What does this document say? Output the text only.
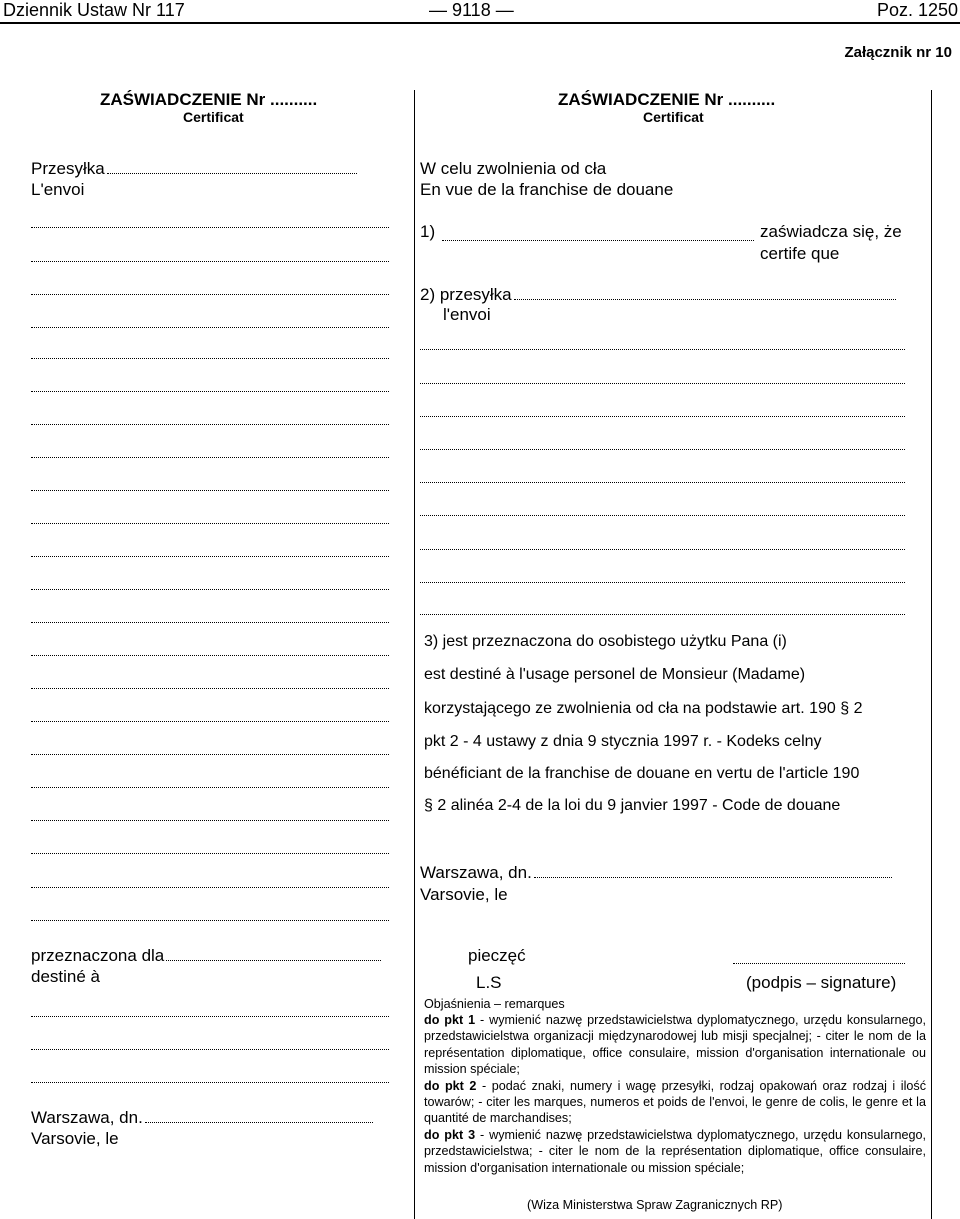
Dziennik Ustaw Nr 117	— 9118 —	Poz. 1250
Załącznik nr 10
ZAŚWIADCZENIE Nr ..........
Certificat
Przesyłka
L'envoi
przeznaczona dla
destiné à
Warszawa, dn.
Varsovie, le
ZAŚWIADCZENIE Nr ..........
Certificat
W celu zwolnienia od cła
En vue de la franchise de douane
1)	zaświadcza się, że
certife que
2) przesyłka
l'envoi
3) jest przeznaczona do osobistego użytku Pana (i)
est destiné à l'usage personel de Monsieur (Madame)
korzystającego ze zwolnienia od cła na podstawie art. 190 § 2
pkt 2 - 4 ustawy z dnia 9 stycznia 1997 r. - Kodeks celny
bénéficiant de la franchise de douane en vertu de l'article 190
§ 2 alinéa 2-4 de la loi du 9 janvier 1997 - Code de douane
Warszawa, dn.
Varsovie, le
pieczęć
L.S	(podpis – signature)
Objaśnienia – remarques
do pkt 1 - wymienić nazwę przedstawicielstwa dyplomatycznego, urzędu konsularnego, przedstawicielstwa organizacji międzynarodowej lub misji specjalnej; - citer le nom de la représentation diplomatique, office consulaire, mission d'organisation internationale ou mission spéciale;
do pkt 2 - podać znaki, numery i wagę przesyłki, rodzaj opakowań oraz rodzaj i ilość towarów; - citer les marques, numeros et poids de l'envoi, le genre de colis, le genre et la quantité de marchandises;
do pkt 3 - wymienić nazwę przedstawicielstwa dyplomatycznego, urzędu konsularnego, przedstawicielstwa; - citer le nom de la représentation diplomatique, office consulaire, mission d'organisation internationale ou mission spéciale;
(Wiza Ministerstwa Spraw Zagranicznych RP)
